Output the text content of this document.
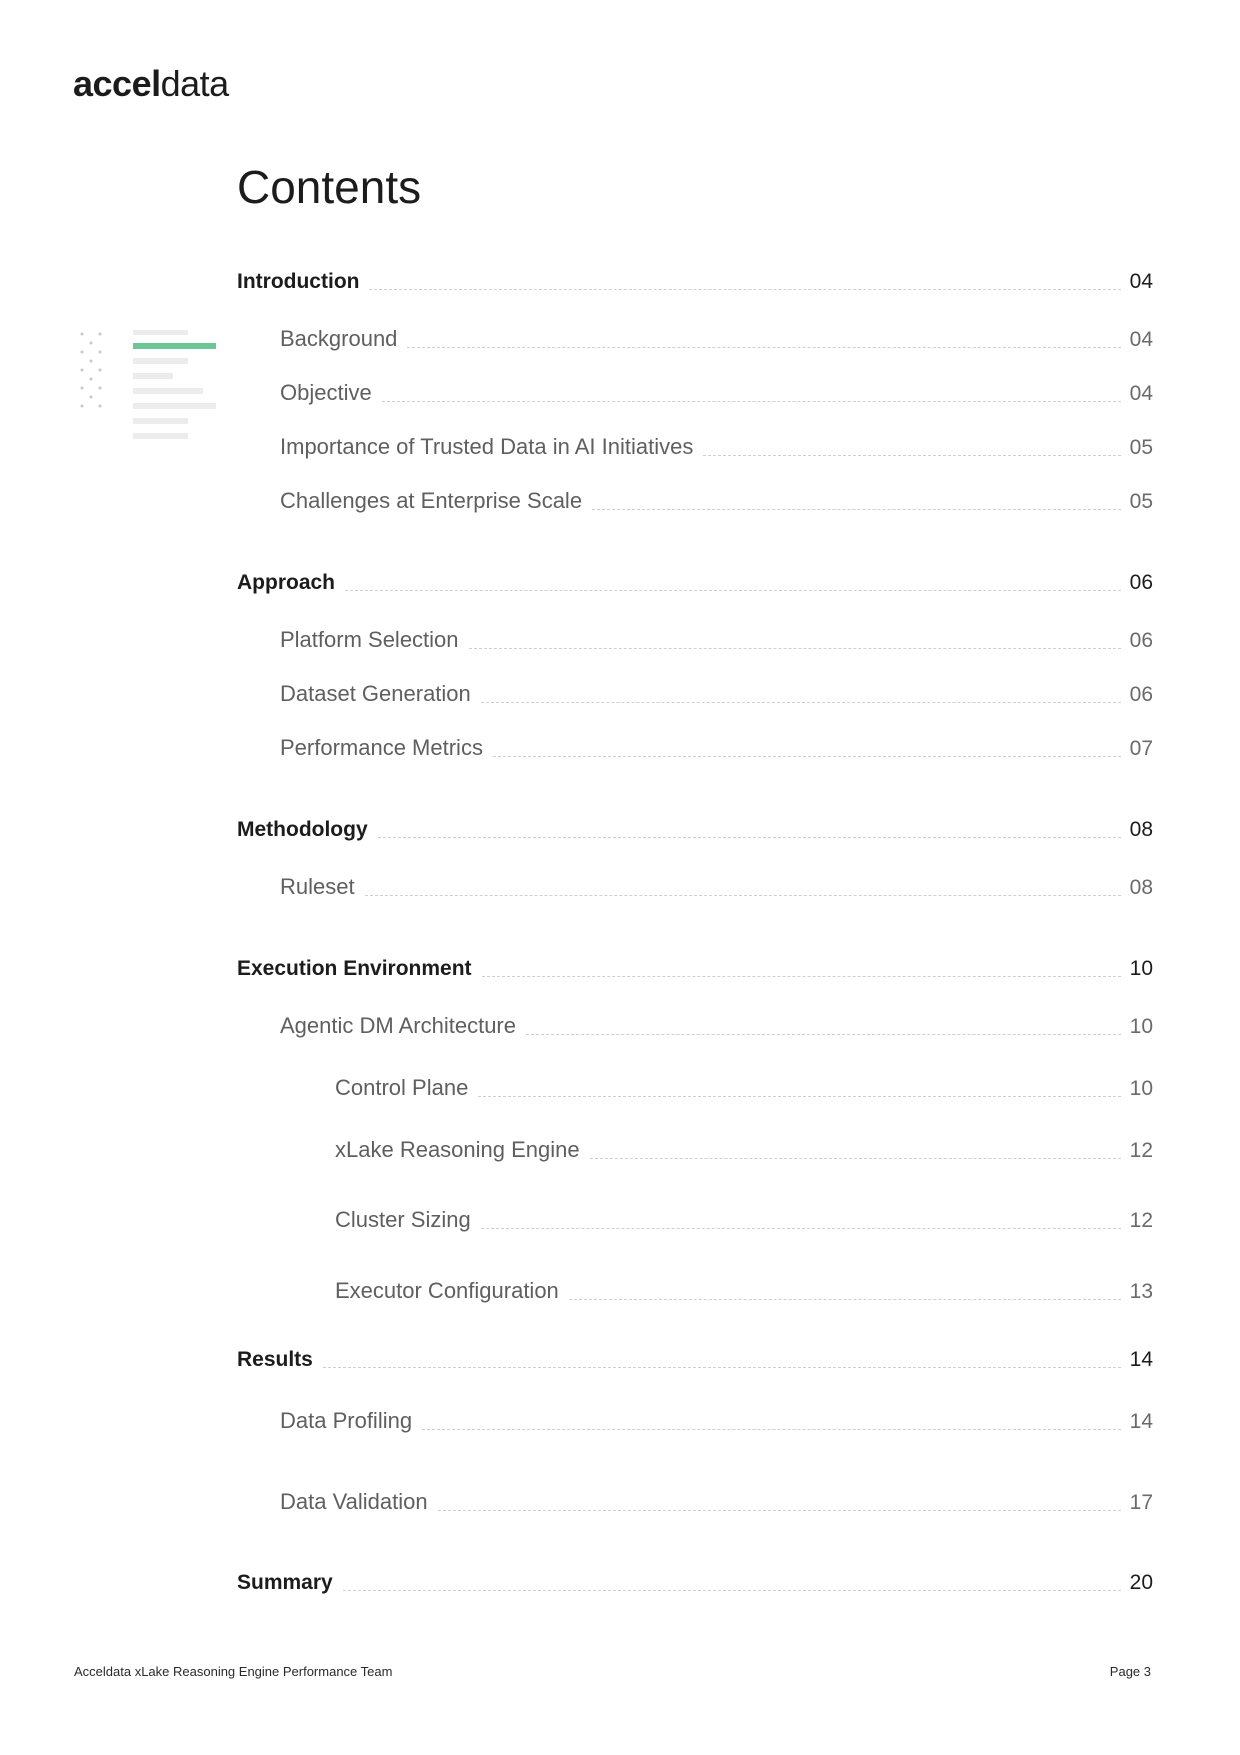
acceldata
Contents
Introduction	04
Background	04
Objective	04
Importance of Trusted Data in AI Initiatives	05
Challenges at Enterprise Scale	05
Approach	06
Platform Selection	06
Dataset Generation	06
Performance Metrics	07
Methodology	08
Ruleset	08
Execution Environment	10
Agentic DM Architecture	10
Control Plane	10
xLake Reasoning Engine	12
Cluster Sizing	12
Executor Configuration	13
Results	14
Data Profiling	14
Data Validation	17
Summary	20
Acceldata xLake Reasoning Engine Performance Team	Page 3
